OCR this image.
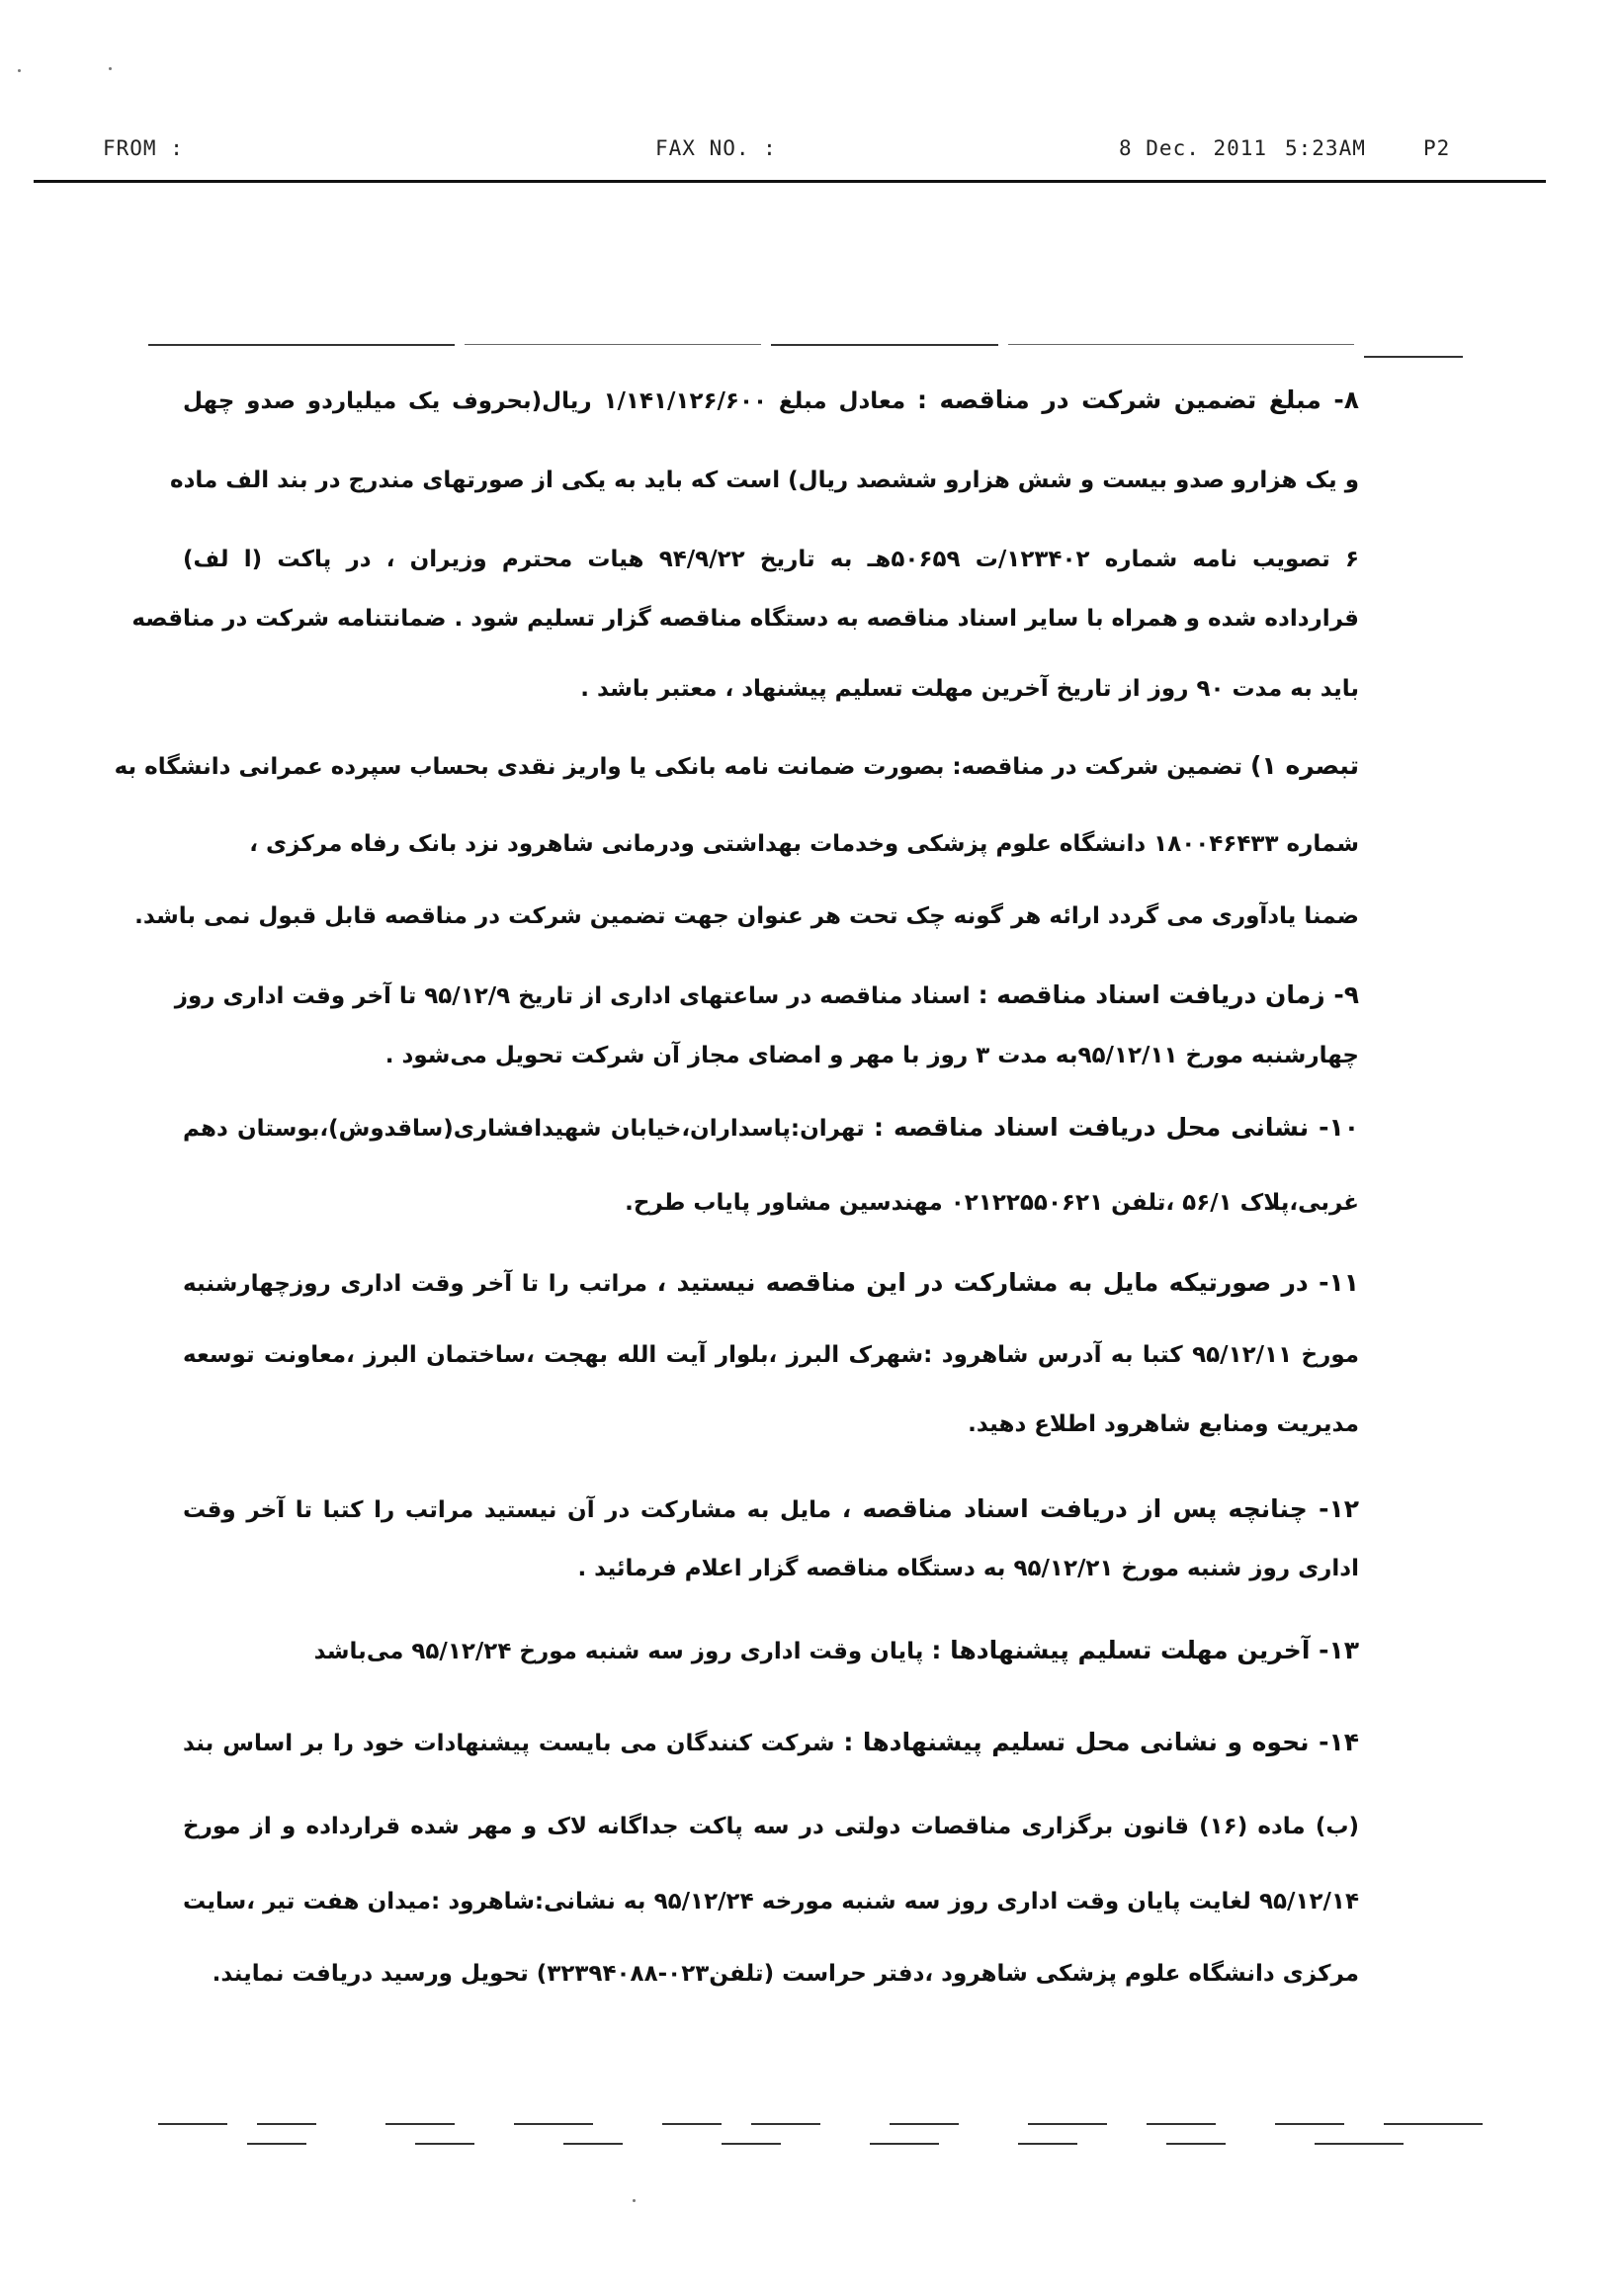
FROM :	FAX NO. :	8 Dec. 2011 5:23AM	P2
۸- مبلغ تضمین شرکت در مناقصه : معادل مبلغ ۱/۱۴۱/۱۲۶/۶۰۰ ریال(بحروف یک میلیاردو صدو چهل
و یک هزارو صدو بیست و شش هزارو ششصد ریال) است که باید به یکی از صورتهای مندرج در بند الف ماده
۶ تصویب نامه شماره ۱۲۳۴۰۲/ت ۵۰۶۵۹هـ به تاریخ ۹۴/۹/۲۲ هیات محترم وزیران ، در پاکت (ا لف)
قرارداده شده و همراه با سایر اسناد مناقصه به دستگاه مناقصه گزار تسلیم شود . ضمانتنامه شرکت در مناقصه
باید به مدت ۹۰ روز از تاریخ آخرین مهلت تسلیم پیشنهاد ، معتبر باشد .
تبصره ۱) تضمین شرکت در مناقصه: بصورت ضمانت نامه بانکی یا واریز نقدی بحساب سپرده عمرانی دانشگاه به
شماره ۱۸۰۰۴۶۴۳۳ دانشگاه علوم پزشکی وخدمات بهداشتی ودرمانی شاهرود نزد بانک رفاه مرکزی ،
ضمنا یادآوری می گردد ارائه هر گونه چک تحت هر عنوان جهت تضمین شرکت در مناقصه قابل قبول نمی باشد.
۹- زمان دریافت اسناد مناقصه : اسناد مناقصه در ساعتهای اداری از تاریخ ۹۵/۱۲/۹ تا آخر وقت اداری روز
چهارشنبه مورخ ۹۵/۱۲/۱۱به مدت ۳ روز با مهر و امضای مجاز آن شرکت تحویل می‌شود .
۱۰- نشانی محل دریافت اسناد مناقصه : تهران:پاسداران،خیابان شهیدافشاری(ساقدوش)،بوستان دهم
غربی،پلاک ۵۶/۱ ،تلفن ۰۲۱۲۲۵۵۰۶۲۱ مهندسین مشاور پایاب طرح.
۱۱- در صورتیکه مایل به مشارکت در این مناقصه نیستید ، مراتب را تا آخر وقت اداری روزچهارشنبه
مورخ ۹۵/۱۲/۱۱ کتبا به آدرس شاهرود :شهرک البرز ،بلوار آیت الله بهجت ،ساختمان البرز ،معاونت توسعه
مدیریت ومنابع شاهرود اطلاع دهید.
۱۲- چنانچه پس از دریافت اسناد مناقصه ، مایل به مشارکت در آن نیستید مراتب را کتبا تا آخر وقت
اداری روز شنبه مورخ ۹۵/۱۲/۲۱ به دستگاه مناقصه گزار اعلام فرمائید .
۱۳- آخرین مهلت تسلیم پیشنهادها : پایان وقت اداری روز سه شنبه مورخ ۹۵/۱۲/۲۴ می‌باشد
۱۴- نحوه و نشانی محل تسلیم پیشنهادها : شرکت کنندگان می بایست پیشنهادات خود را بر اساس بند
(ب) ماده (۱۶) قانون برگزاری مناقصات دولتی در سه پاکت جداگانه لاک و مهر شده قرارداده و از مورخ
۹۵/۱۲/۱۴ لغایت پایان وقت اداری روز سه شنبه مورخه ۹۵/۱۲/۲۴ به نشانی:شاهرود :میدان هفت تیر ،سایت
مرکزی دانشگاه علوم پزشکی شاهرود ،دفتر حراست (تلفن۰۲۳-۳۲۳۹۴۰۸۸) تحویل ورسید دریافت نمایند.
